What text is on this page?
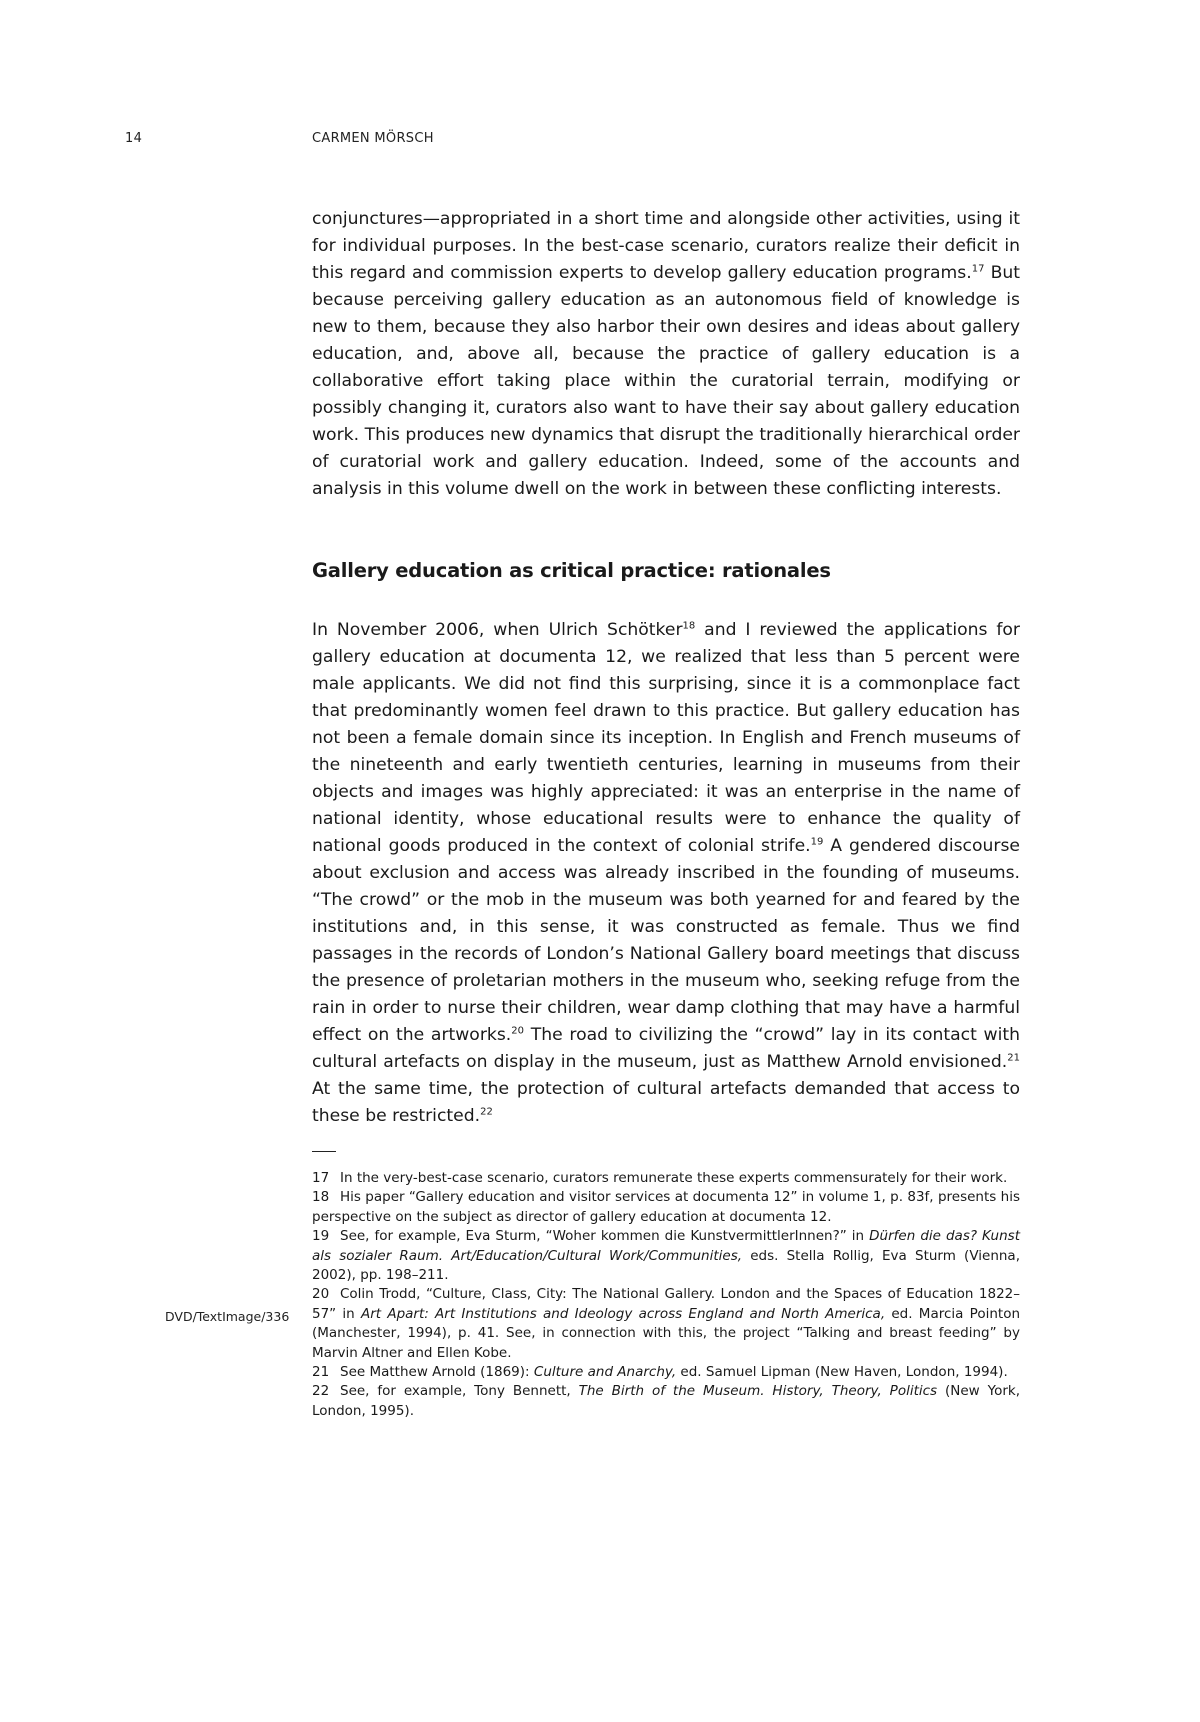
14	CARMEN MÖRSCH

conjunctures—appropriated in a short time and alongside other activities, using it for individual purposes. In the best-case scenario, curators realize their deficit in this regard and commission experts to develop gallery education programs.$^{17}$ But because perceiving gallery education as an autonomous field of knowledge is new to them, because they also harbor their own desires and ideas about gallery education, and, above all, because the practice of gallery education is a collaborative effort taking place within the curatorial terrain, modifying or possibly changing it, curators also want to have their say about gallery education work. This produces new dynamics that disrupt the traditionally hierarchical order of curatorial work and gallery education. Indeed, some of the accounts and analysis in this volume dwell on the work in between these conflicting interests.

Gallery education as critical practice: rationales

In November 2006, when Ulrich Schötker$^{18}$ and I reviewed the applications for gallery education at documenta 12, we realized that less than 5 percent were male applicants. We did not find this surprising, since it is a commonplace fact that predominantly women feel drawn to this practice. But gallery education has not been a female domain since its inception. In English and French museums of the nineteenth and early twentieth centuries, learning in museums from their objects and images was highly appreciated: it was an enterprise in the name of national identity, whose educational results were to enhance the quality of national goods produced in the context of colonial strife.$^{19}$ A gendered discourse about exclusion and access was already inscribed in the founding of museums. “The crowd” or the mob in the museum was both yearned for and feared by the institutions and, in this sense, it was constructed as female. Thus we find passages in the records of London’s National Gallery board meetings that discuss the presence of proletarian mothers in the museum who, seeking refuge from the rain in order to nurse their children, wear damp clothing that may have a harmful effect on the artworks.$^{20}$ The road to civilizing the “crowd” lay in its contact with cultural artefacts on display in the museum, just as Matthew Arnold envisioned.$^{21}$ At the same time, the protection of cultural artefacts demanded that access to these be restricted.$^{22}$

17 In the very-best-case scenario, curators remunerate these experts commensurately for their work.

18 His paper “Gallery education and visitor services at documenta 12” in volume 1, p. 83f, presents his perspective on the subject as director of gallery education at documenta 12.

19 See, for example, Eva Sturm, “Woher kommen die KunstvermittlerInnen?” in Dürfen die das? Kunst als sozialer Raum. Art/Education/Cultural Work/Communities, eds. Stella Rollig, Eva Sturm (Vienna, 2002), pp. 198–211.

20 Colin Trodd, “Culture, Class, City: The National Gallery. London and the Spaces of Education 1822–57” in Art Apart: Art Institutions and Ideology across England and North America, ed. Marcia Pointon (Manchester, 1994), p. 41. See, in connection with this, the project “Talking and breast feeding” by Marvin Altner and Ellen Kobe.

21 See Matthew Arnold (1869): Culture and Anarchy, ed. Samuel Lipman (New Haven, London, 1994).

22 See, for example, Tony Bennett, The Birth of the Museum. History, Theory, Politics (New York, London, 1995).

DVD/TextImage/336
